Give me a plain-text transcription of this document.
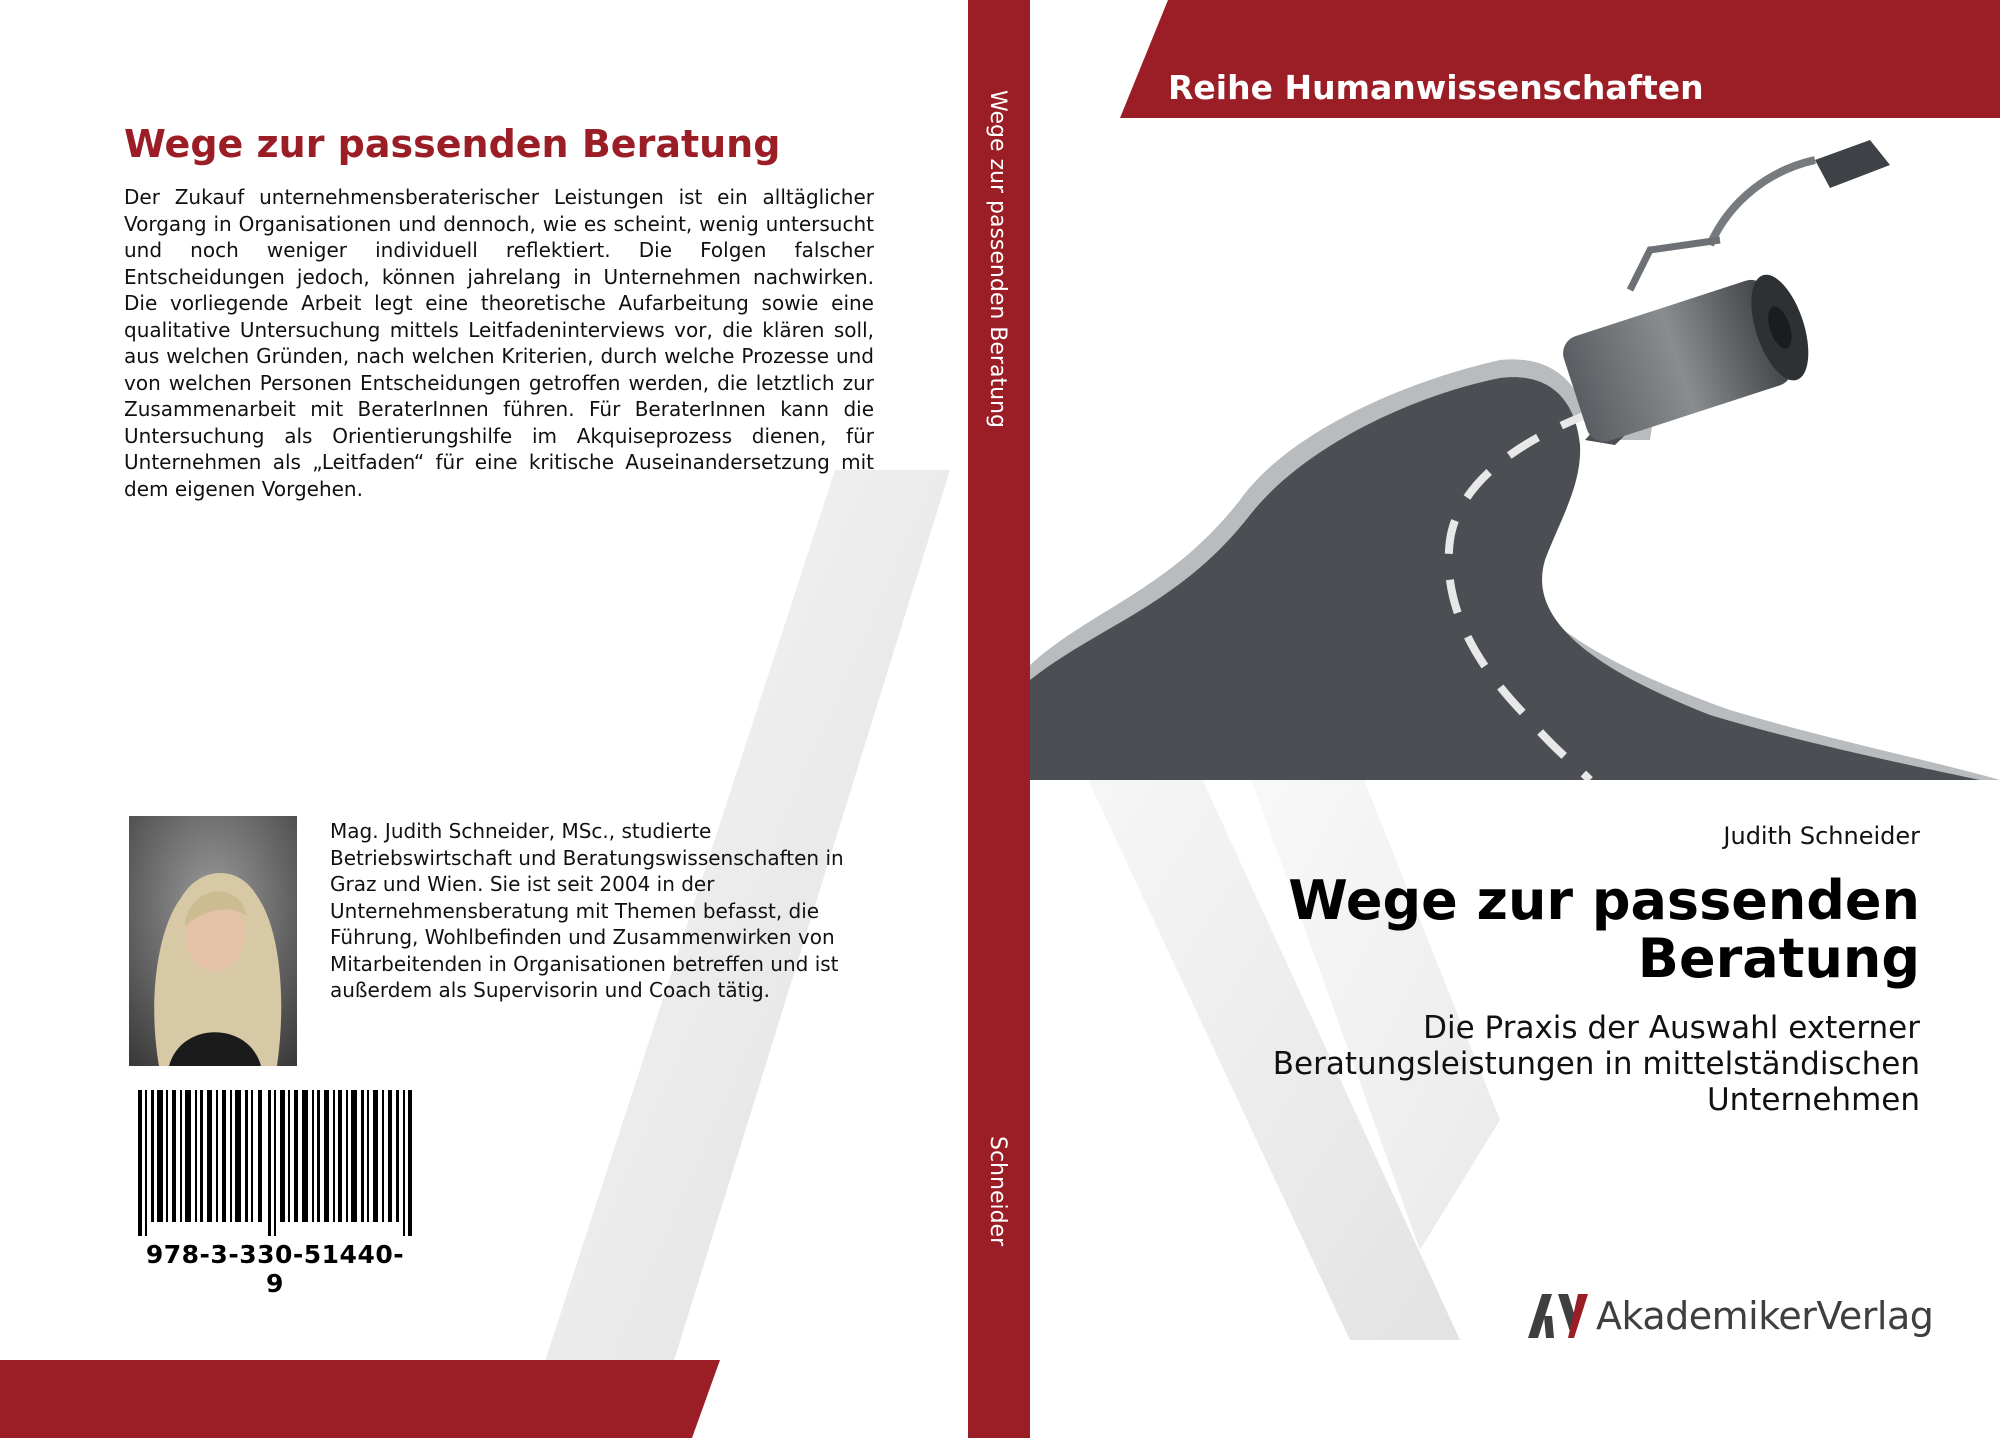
Wege zur passenden Beratung
Der Zukauf unternehmensberaterischer Leistungen ist ein alltäglicher Vorgang in Organisationen und dennoch, wie es scheint, wenig untersucht und noch weniger individuell reflektiert. Die Folgen falscher Entscheidungen jedoch, können jahrelang in Unternehmen nachwirken. Die vorliegende Arbeit legt eine theoretische Aufarbeitung sowie eine qualitative Untersuchung mittels Leitfadeninterviews vor, die klären soll, aus welchen Gründen, nach welchen Kriterien, durch welche Prozesse und von welchen Personen Entscheidungen getroffen werden, die letztlich zur Zusammenarbeit mit BeraterInnen führen. Für BeraterInnen kann die Untersuchung als Orientierungshilfe im Akquiseprozess dienen, für Unternehmen als „Leitfaden“ für eine kritische Auseinandersetzung mit dem eigenen Vorgehen.
Mag. Judith Schneider, MSc., studierte Betriebswirtschaft und Beratungswissenschaften in Graz und Wien. Sie ist seit 2004 in der Unternehmensberatung mit Themen befasst, die Führung, Wohlbefinden und Zusammenwirken von Mitarbeitenden in Organisationen betreffen und ist außerdem als Supervisorin und Coach tätig.
978-3-330-51440-9
Wege zur passenden Beratung
Schneider
Reihe Humanwissenschaften
Judith Schneider
Wege zur passenden Beratung
Die Praxis der Auswahl externer Beratungsleistungen in mittelständischen Unternehmen
AkademikerVerlag
